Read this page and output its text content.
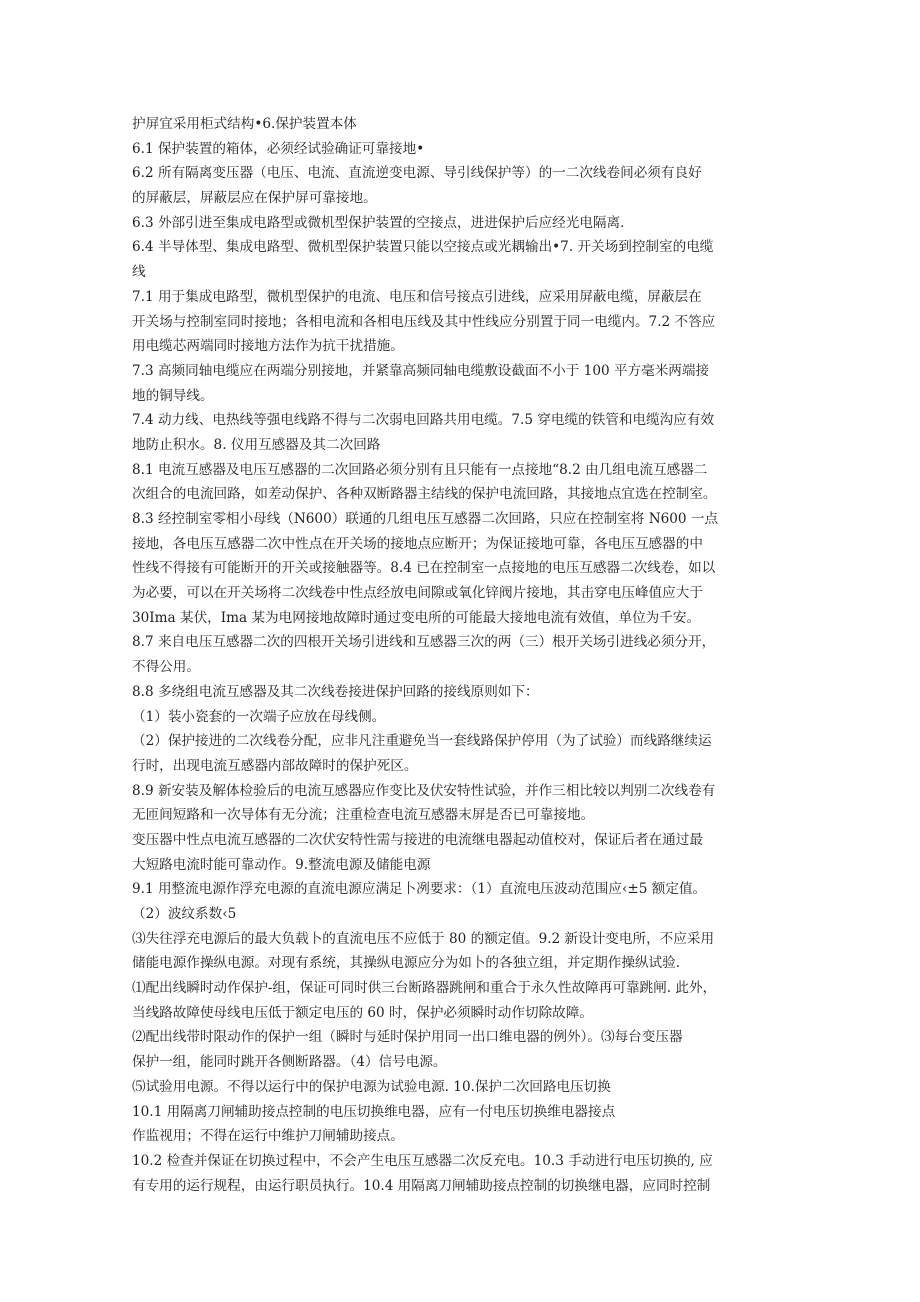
护屏宜采用柜式结构•6.保护装置本体
6.1 保护装置的箱体，必须经试验确证可靠接地•
6.2 所有隔离变压器（电压、电流、直流逆变电源、导引线保护等）的一二次线卷间必须有良好
的屏蔽层，屏蔽层应在保护屏可靠接地。
6.3 外部引进至集成电路型或微机型保护装置的空接点，进进保护后应经光电隔离.
6.4 半导体型、集成电路型、微机型保护装置只能以空接点或光耦输出•7. 开关场到控制室的电缆
线
7.1 用于集成电路型，微机型保护的电流、电压和信号接点引进线，应采用屏蔽电缆，屏蔽层在
开关场与控制室同时接地；各相电流和各相电压线及其中性线应分别置于同一电缆内。7.2 不答应
用电缆芯两端同时接地方法作为抗干扰措施。
7.3 高频同轴电缆应在两端分别接地，并紧靠高频同轴电缆敷设截面不小于 100 平方毫米两端接
地的铜导线。
7.4 动力线、电热线等强电线路不得与二次弱电回路共用电缆。7.5 穿电缆的铁管和电缆沟应有效
地防止积水。8. 仪用互感器及其二次回路
8.1 电流互感器及电压互感器的二次回路必须分别有且只能有一点接地“8.2 由几组电流互感器二
次组合的电流回路，如差动保护、各种双断路器主结线的保护电流回路，其接地点宜选在控制室。
8.3 经控制室零相小母线（N600）联通的几组电压互感器二次回路，只应在控制室将 N600 一点
接地，各电压互感器二次中性点在开关场的接地点应断开；为保证接地可靠，各电压互感器的中
性线不得接有可能断开的开关或接触器等。8.4 已在控制室一点接地的电压互感器二次线卷，如以
为必要，可以在开关场将二次线卷中性点经放电间隙或氧化锌阀片接地，其击穿电压峰值应大于
30Ima 某伏，Ima 某为电网接地故障时通过变电所的可能最大接地电流有效值，单位为千安。
8.7 来自电压互感器二次的四根开关场引进线和互感器三次的两（三）根开关场引进线必须分开，
不得公用。
8.8 多绕组电流互感器及其二次线卷接进保护回路的接线原则如下：
（1）装小瓷套的一次端子应放在母线侧。
（2）保护接进的二次线卷分配，应非凡注重避免当一套线路保护停用（为了试验）而线路继续运
行时，出现电流互感器内部故障时的保护死区。
8.9 新安装及解体检验后的电流互感器应作变比及伏安特性试验，并作三相比较以判别二次线卷有
无匝间短路和一次导体有无分流；注重检查电流互感器末屏是否已可靠接地。
变压器中性点电流互感器的二次伏安特性需与接进的电流继电器起动值校对，保证后者在通过最
大短路电流时能可靠动作。9.整流电源及储能电源
9.1 用整流电源作浮充电源的直流电源应满足卜冽要求：（1）直流电压波动范围应‹±5 额定值。
（2）波纹系数‹5
⑶失往浮充电源后的最大负载卜的直流电压不应低于 80 的额定值。9.2 新设计变电所，不应采用
储能电源作操纵电源。对现有系统，其操纵电源应分为如卜的各独立组，并定期作操纵试验.
⑴配出线瞬时动作保护-组，保证可同时供三台断路器跳闸和重合于永久性故障再可靠跳闸. 此外，
当线路故障使母线电压低于额定电压的 60 时，保护必须瞬时动作切除故障。
⑵配出线带时限动作的保护一组（瞬时与延时保护用同一出口维电器的例外）。⑶每台变压器
保护一组，能同时跳开各侧断路器。（4）信号电源。
⑸试验用电源。不得以运行中的保护电源为试验电源. 10.保护二次回路电压切换
10.1 用隔离刀闸辅助接点控制的电压切换维电器，应有一付电压切换维电器接点
作监视用；不得在运行中维护刀闸辅助接点。
10.2 检查并保证在切换过程中，不会产生电压互感器二次反充电。10.3 手动进行电压切换的, 应
有专用的运行规程，由运行职员执行。10.4 用隔离刀闸辅助接点控制的切换继电器，应同时控制
